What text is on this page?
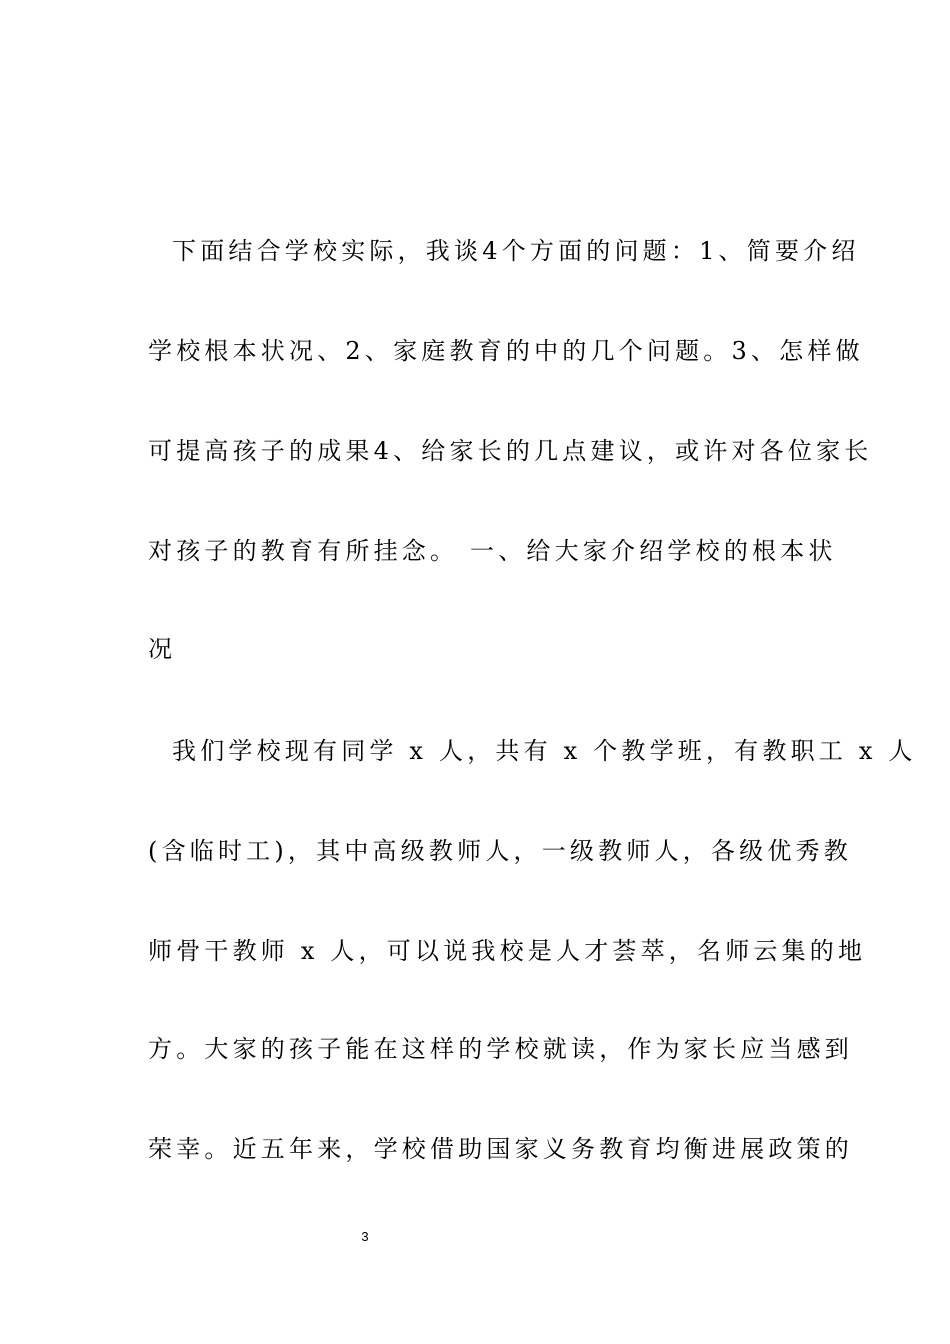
下面结合学校实际，我谈4个方面的问题：1、简要介绍
学校根本状况、2、家庭教育的中的几个问题。3、怎样做
可提高孩子的成果4、给家长的几点建议，或许对各位家长
对孩子的教育有所挂念。 一、给大家介绍学校的根本状
况
我们学校现有同学 x 人，共有 x 个教学班，有教职工 x 人
(含临时工)，其中高级教师人，一级教师人，各级优秀教
师骨干教师 x 人，可以说我校是人才荟萃，名师云集的地
方。大家的孩子能在这样的学校就读，作为家长应当感到
荣幸。近五年来，学校借助国家义务教育均衡进展政策的
3
